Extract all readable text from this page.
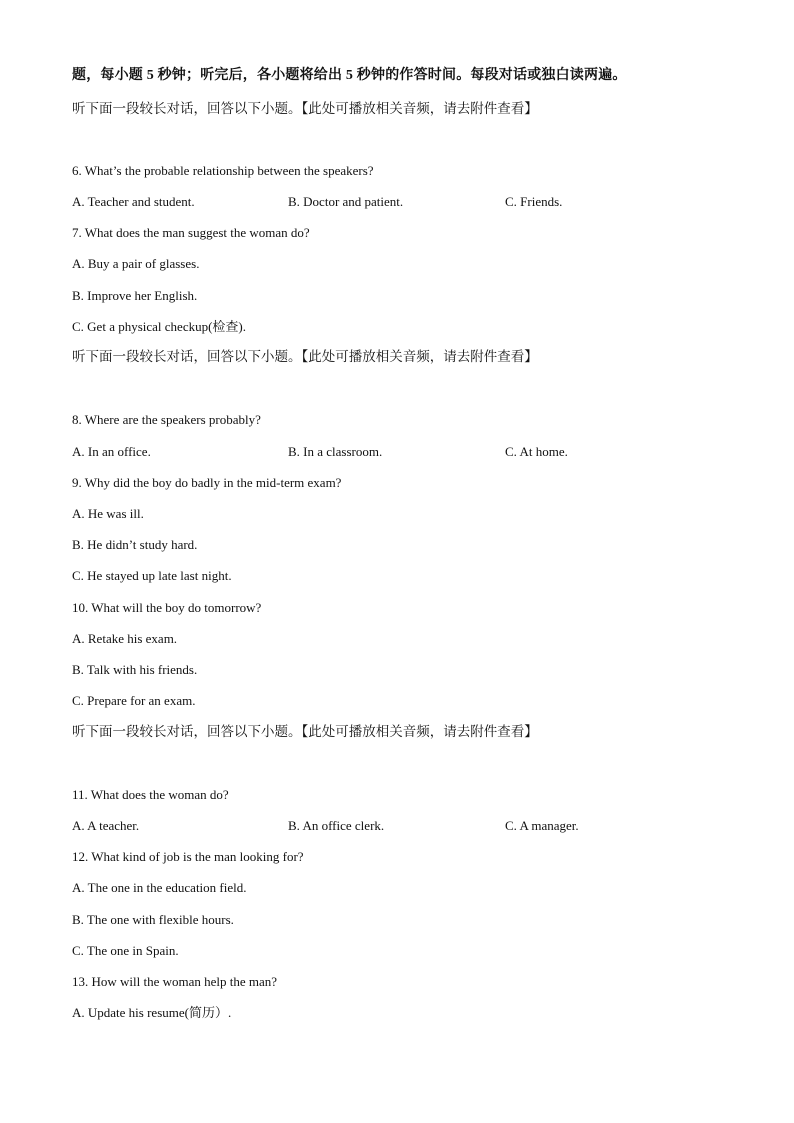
题，每小题 5 秒钟；听完后，各小题将给出 5 秒钟的作答时间。每段对话或独白读两遍。
听下面一段较长对话，回答以下小题。【此处可播放相关音频，请去附件查看】
6. What’s the probable relationship between the speakers?
A. Teacher and student.	B. Doctor and patient.	C. Friends.
7. What does the man suggest the woman do?
A. Buy a pair of glasses.
B. Improve her English.
C. Get a physical checkup(检查).
听下面一段较长对话，回答以下小题。【此处可播放相关音频，请去附件查看】
8. Where are the speakers probably?
A. In an office.	B. In a classroom.	C. At home.
9. Why did the boy do badly in the mid-term exam?
A. He was ill.
B. He didn’t study hard.
C. He stayed up late last night.
10. What will the boy do tomorrow?
A. Retake his exam.
B. Talk with his friends.
C. Prepare for an exam.
听下面一段较长对话，回答以下小题。【此处可播放相关音频，请去附件查看】
11. What does the woman do?
A. A teacher.	B. An office clerk.	C. A manager.
12. What kind of job is the man looking for?
A. The one in the education field.
B. The one with flexible hours.
C. The one in Spain.
13. How will the woman help the man?
A. Update his resume(简历）.
